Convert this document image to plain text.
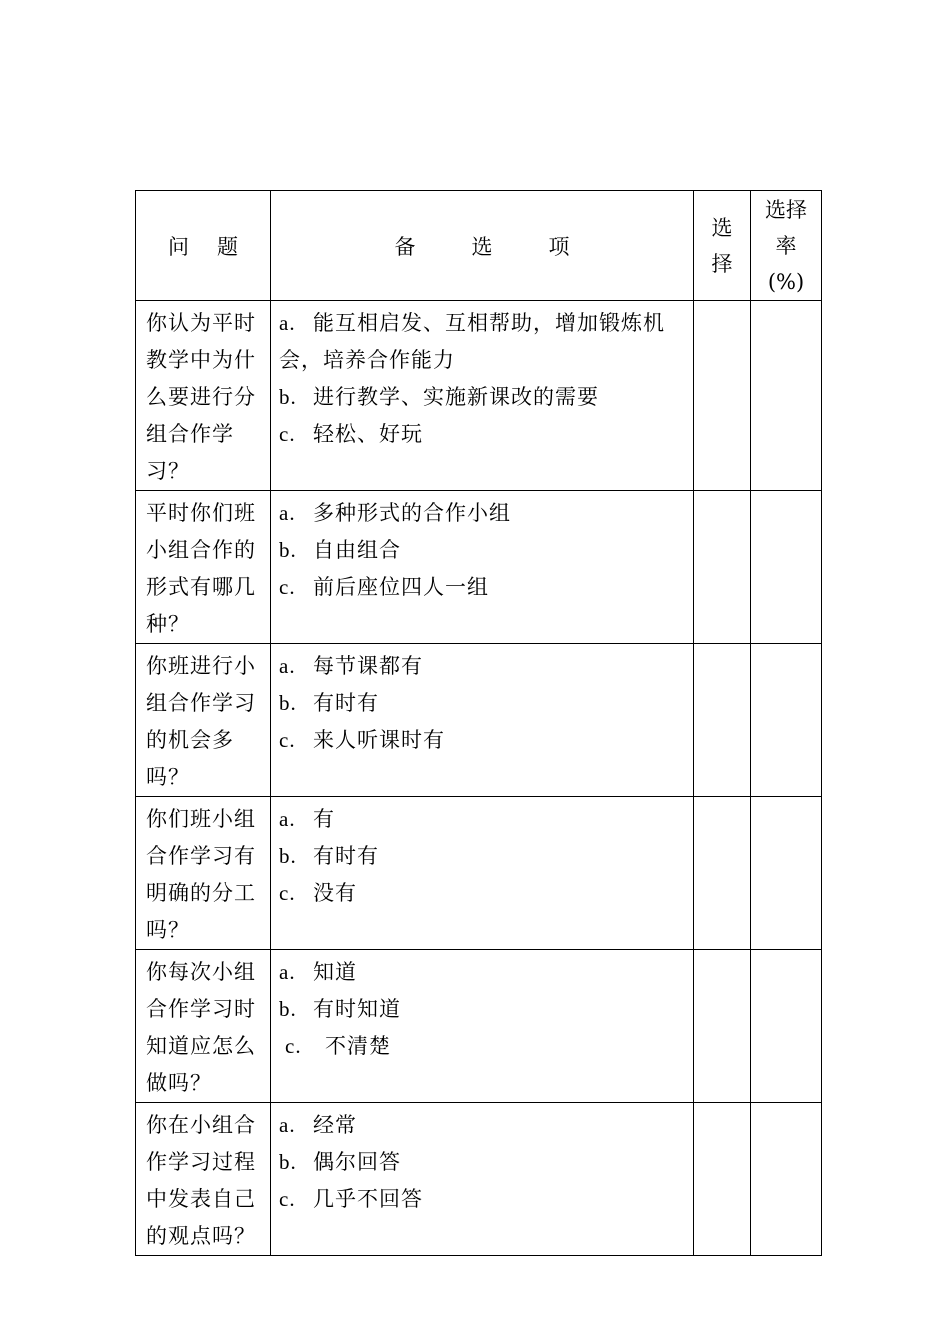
问题	备选项	选择	选择
率
(%)

你认为平时教学中为什么要进行分组合作学习？	a. 能互相启发、互相帮助，增加锻炼机会，培养合作能力
b. 进行教学、实施新课改的需要
c. 轻松、好玩		

平时你们班小组合作的形式有哪几种？	a. 多种形式的合作小组
b. 自由组合
c. 前后座位四人一组		

你班进行小组合作学习的机会多吗？	a. 每节课都有
b. 有时有
c. 来人听课时有		

你们班小组合作学习有明确的分工吗？	a. 有
b. 有时有
c. 没有		

你每次小组合作学习时知道应怎么做吗？	a. 知道
b. 有时知道
c. 不清楚		

你在小组合作学习过程中发表自己的观点吗？	a. 经常
b. 偶尔回答
c. 几乎不回答		
